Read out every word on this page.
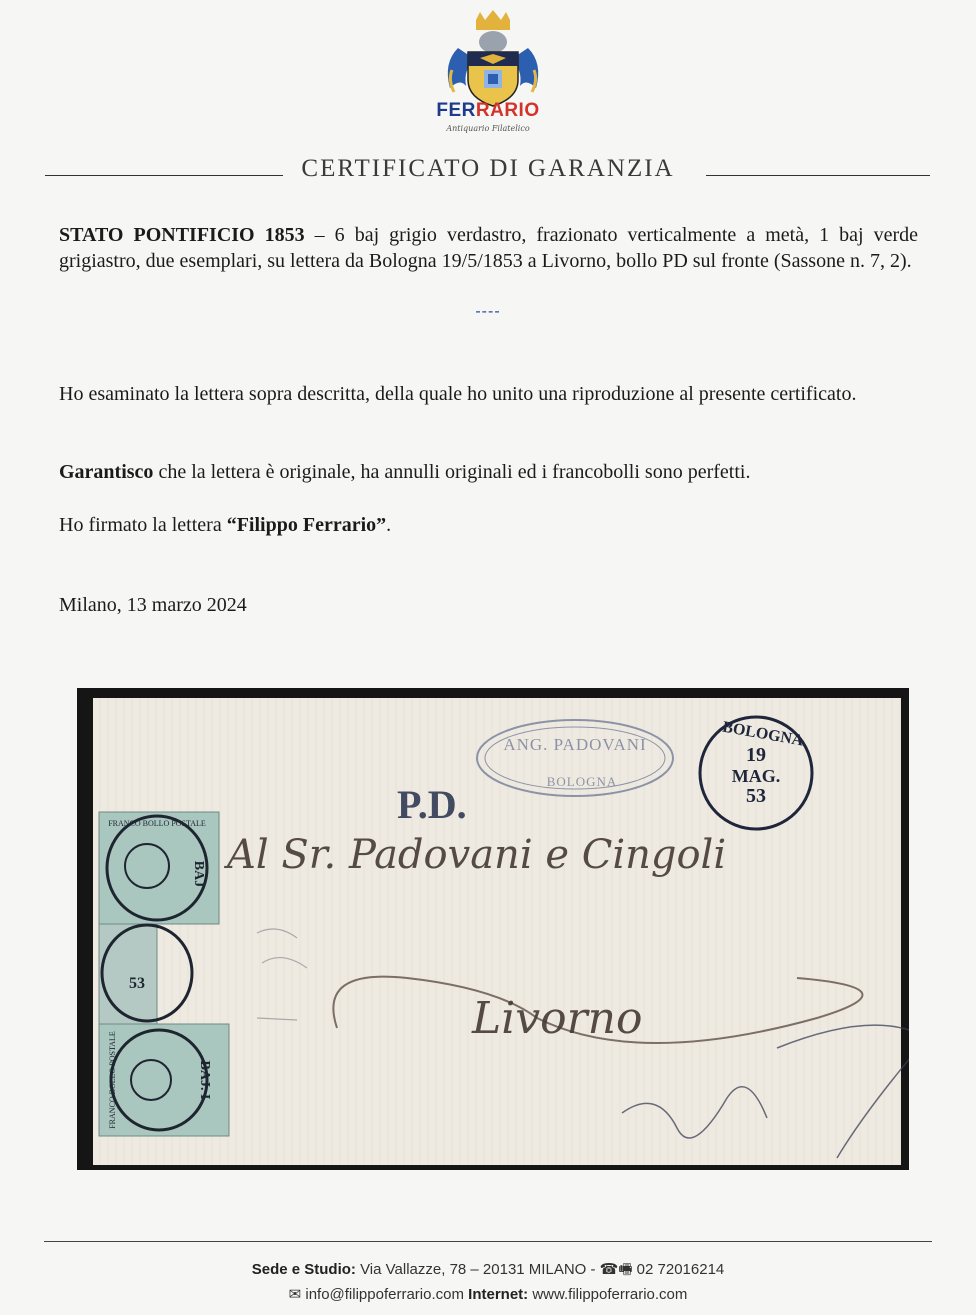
FERRARIO
Antiquario Filatelico
CERTIFICATO DI GARANZIA
STATO PONTIFICIO 1853 – 6 baj grigio verdastro, frazionato verticalmente a metà, 1 baj verde grigiastro, due esemplari, su lettera da Bologna 19/5/1853 a Livorno, bollo PD sul fronte (Sassone n. 7, 2).
----
Ho esaminato la lettera sopra descritta, della quale ho unito una riproduzione al presente certificato.
Garantisco che la lettera è originale, ha annulli originali ed i francobolli sono perfetti.
Ho firmato la lettera “Filippo Ferrario”.
Milano, 13 marzo 2024
ANG. PADOVANI
BOLOGNA
P.D.
BOLOGNA
19
MAG.
53
Al Sr. Padovani e Cingoli
Livorno
FRANCO BOLLO POSTALE
BAJ
53
FRANCO BOLLO POSTALE	BAJ. I
Sede e Studio: Via Vallazze, 78 – 20131 MILANO - ☎🖷 02 72016214
✉ info@filippoferrario.com Internet: www.filippoferrario.com
